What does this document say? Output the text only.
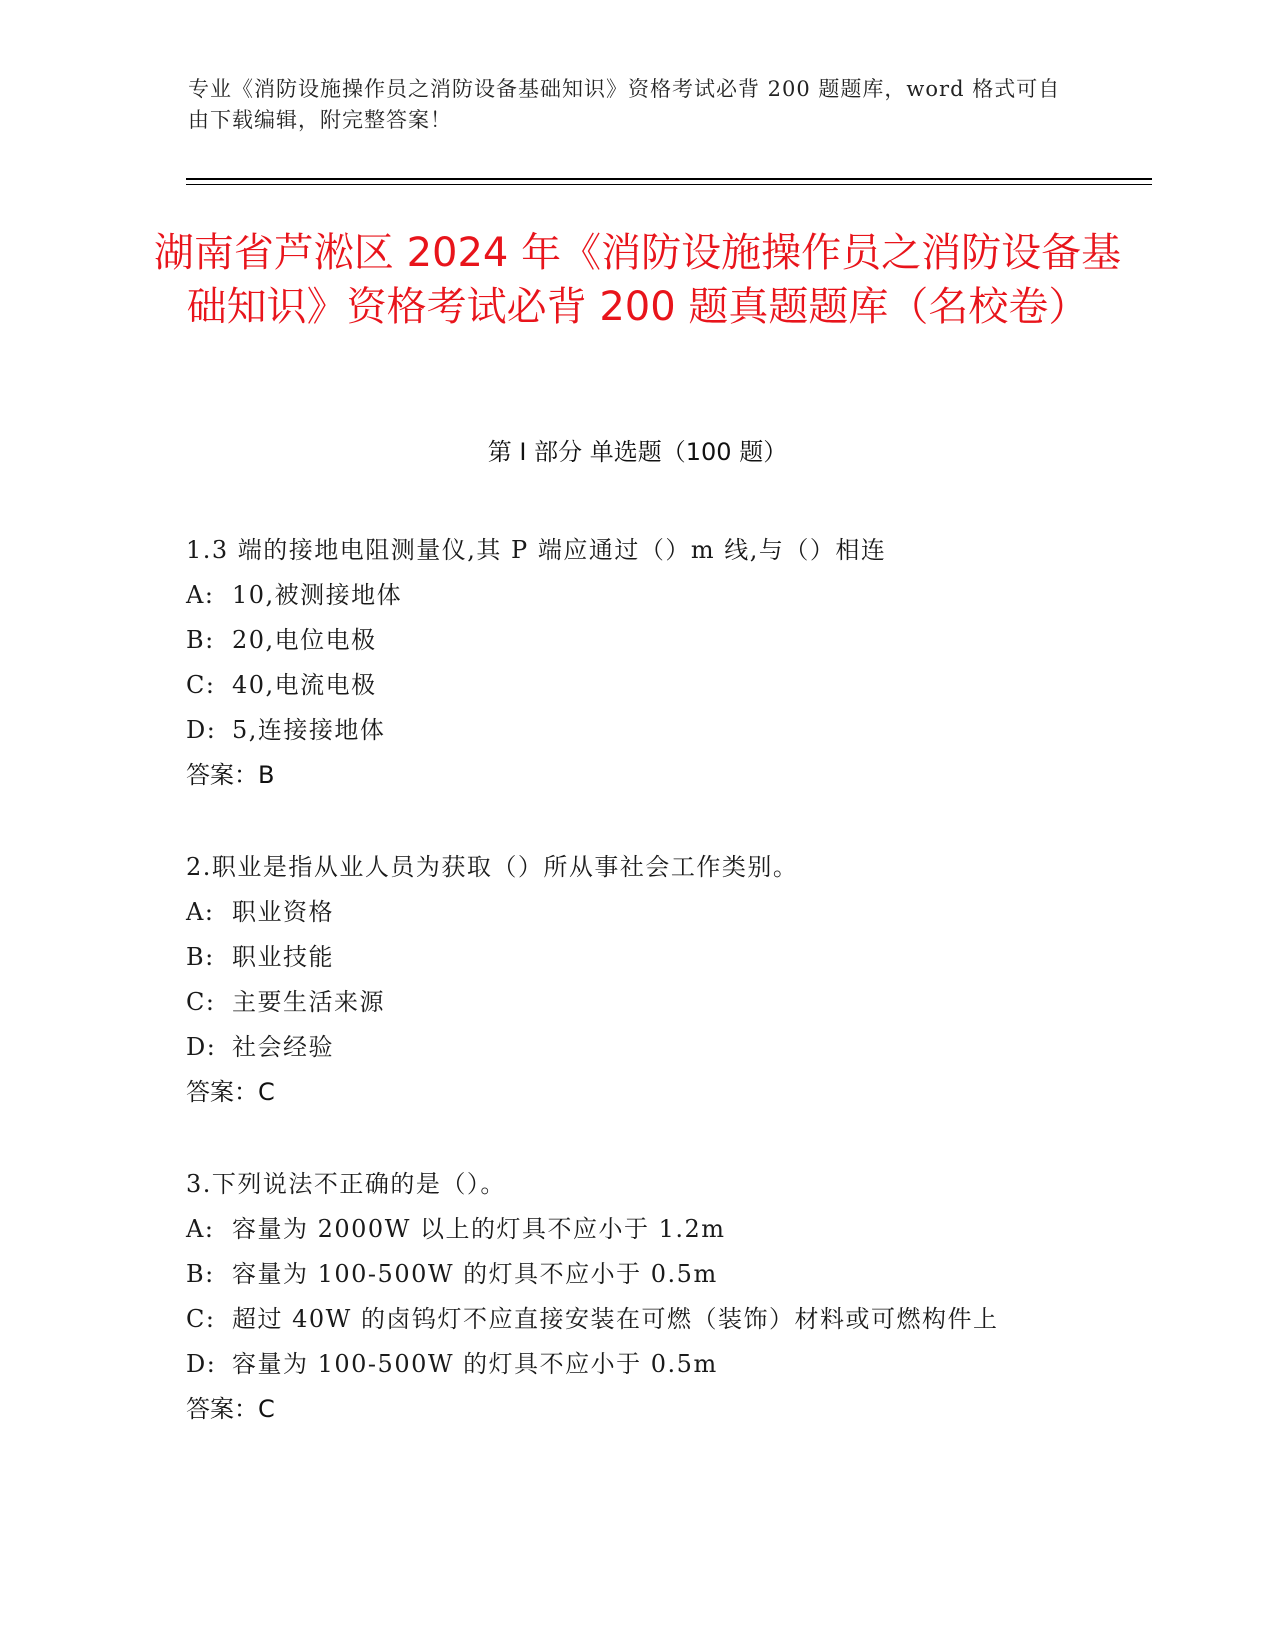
专业《消防设施操作员之消防设备基础知识》资格考试必背 200 题题库，word 格式可自由下载编辑，附完整答案！
湖南省芦淞区 2024 年《消防设施操作员之消防设备基础知识》资格考试必背 200 题真题题库（名校卷）
第 I 部分 单选题（100 题）
1.3 端的接地电阻测量仪,其 P 端应通过（）m 线,与（）相连
A: 10,被测接地体
B: 20,电位电极
C: 40,电流电极
D: 5,连接接地体
答案：B
2.职业是指从业人员为获取（）所从事社会工作类别。
A: 职业资格
B: 职业技能
C: 主要生活来源
D: 社会经验
答案：C
3.下列说法不正确的是（）。
A: 容量为 2000W 以上的灯具不应小于 1.2m
B: 容量为 100-500W 的灯具不应小于 0.5m
C: 超过 40W 的卤钨灯不应直接安装在可燃（装饰）材料或可燃构件上
D: 容量为 100-500W 的灯具不应小于 0.5m
答案：C
